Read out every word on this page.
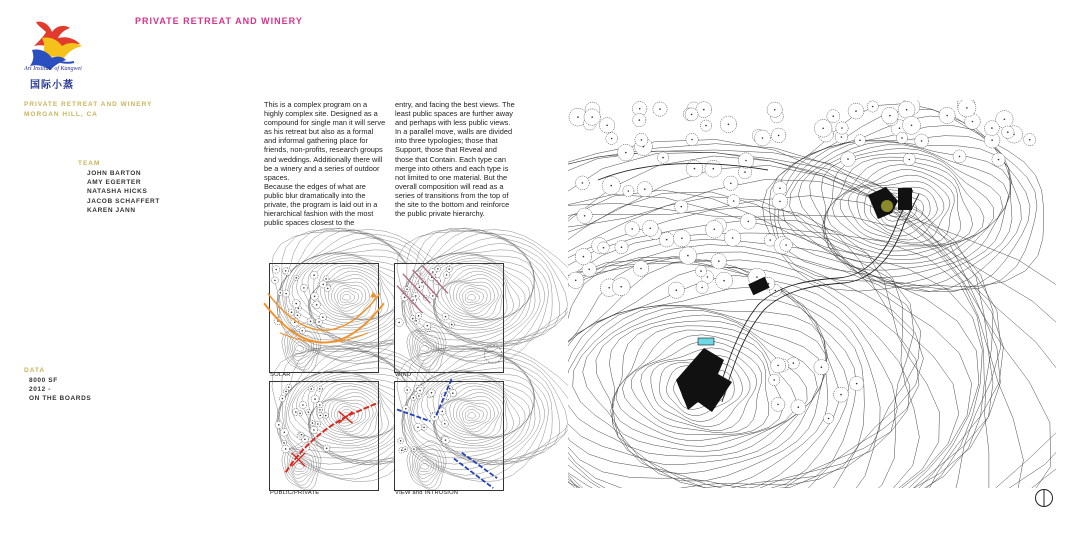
Art Institute of Kangwei
国际小蒸
PRIVATE RETREAT AND WINERY
PRIVATE RETREAT AND WINERY
MORGAN HILL, CA
TEAM
JOHN BARTON
AMY EGERTER
NATASHA HICKS
JACOB SCHAFFERT
KAREN JANN
DATA
8000 SF
2012 -
ON THE BOARDS

This is a complex program on a highly complex site. Designed as a compound for single man it will serve as his retreat but also as a formal and informal gathering place for friends, non-profits, research groups and weddings. Additionally there will be a winery and a series of outdoor spaces.

Because the edges of what are public blur dramatically into the private, the program is laid out in a hierarchical fashion with the most public spaces closest to the

entry, and facing the best views. The least public spaces are further away and perhaps with less public views.

In a parallel move, walls are divided into three typologies; those that Support, those that Reveal and those that Contain. Each type can merge into others and each type is not limited to one material. But the overall composition will read as a series of transitions from the top of the site to the bottom and reinforce the public private hierarchy.

SOLAR	WIND
PUBLIC/PRIVATE	VIEW and INTRUSION
